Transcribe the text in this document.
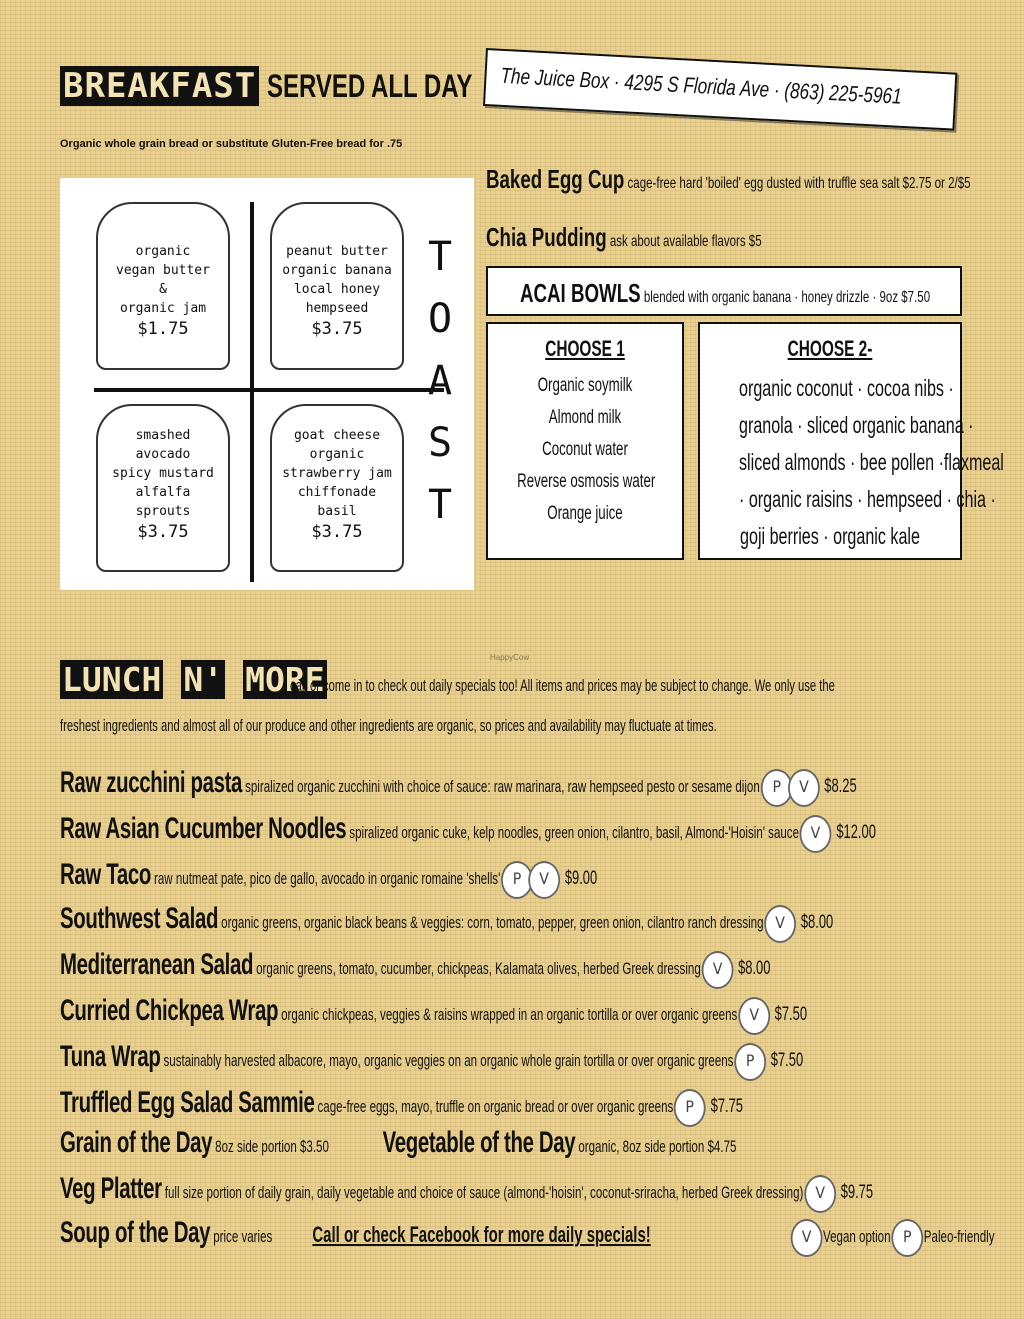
BREAKFAST SERVED ALL DAY
Organic whole grain bread or substitute Gluten-Free bread for .75
organic
vegan butter
&
organic jam
$1.75
peanut butter
organic banana
local honey
hempseed
$3.75
smashed
avocado
spicy mustard
alfalfa
sprouts
$3.75
goat cheese
organic
strawberry jam
chiffonade
basil
$3.75
T
O
A
S
T
The Juice Box · 4295 S Florida Ave · (863) 225-5961
Baked Egg Cup cage-free hard 'boiled' egg dusted with truffle sea salt $2.75 or 2/$5
Chia Pudding ask about available flavors $5
ACAI BOWLS blended with organic banana · honey drizzle · 9oz $7.50
CHOOSE 1
Organic soymilk
Almond milk
Coconut water
Reverse osmosis water
Orange juice
CHOOSE 2-
organic coconut · cocoa nibs ·
granola · sliced organic banana ·
sliced almonds · bee pollen ·flaxmeal
· organic raisins · hempseed · chia ·
goji berries · organic kale
HappyCow
LUNCH N' MORE
call or come in to check out daily specials too! All items and prices may be subject to change. We only use the
freshest ingredients and almost all of our produce and other ingredients are organic, so prices and availability may fluctuate at times.
Raw zucchini pasta spiralized organic zucchini with choice of sauce: raw marinara, raw hempseed pesto or sesame dijon P V $8.25
Raw Asian Cucumber Noodles spiralized organic cuke, kelp noodles, green onion, cilantro, basil, Almond-'Hoisin' sauce V $12.00
Raw Taco raw nutmeat pate, pico de gallo, avocado in organic romaine 'shells' P V $9.00
Southwest Salad organic greens, organic black beans & veggies: corn, tomato, pepper, green onion, cilantro ranch dressing V $8.00
Mediterranean Salad organic greens, tomato, cucumber, chickpeas, Kalamata olives, herbed Greek dressing V $8.00
Curried Chickpea Wrap organic chickpeas, veggies & raisins wrapped in an organic tortilla or over organic greens V $7.50
Tuna Wrap sustainably harvested albacore, mayo, organic veggies on an organic whole grain tortilla or over organic greens P $7.50
Truffled Egg Salad Sammie cage-free eggs, mayo, truffle on organic bread or over organic greens P $7.75
Grain of the Day 8oz side portion $3.50 Vegetable of the Day organic, 8oz side portion $4.75
Veg Platter full size portion of daily grain, daily vegetable and choice of sauce (almond-'hoisin', coconut-sriracha, herbed Greek dressing) V $9.75
Soup of the Day price varies Call or check Facebook for more daily specials!	V Vegan option P Paleo-friendly
